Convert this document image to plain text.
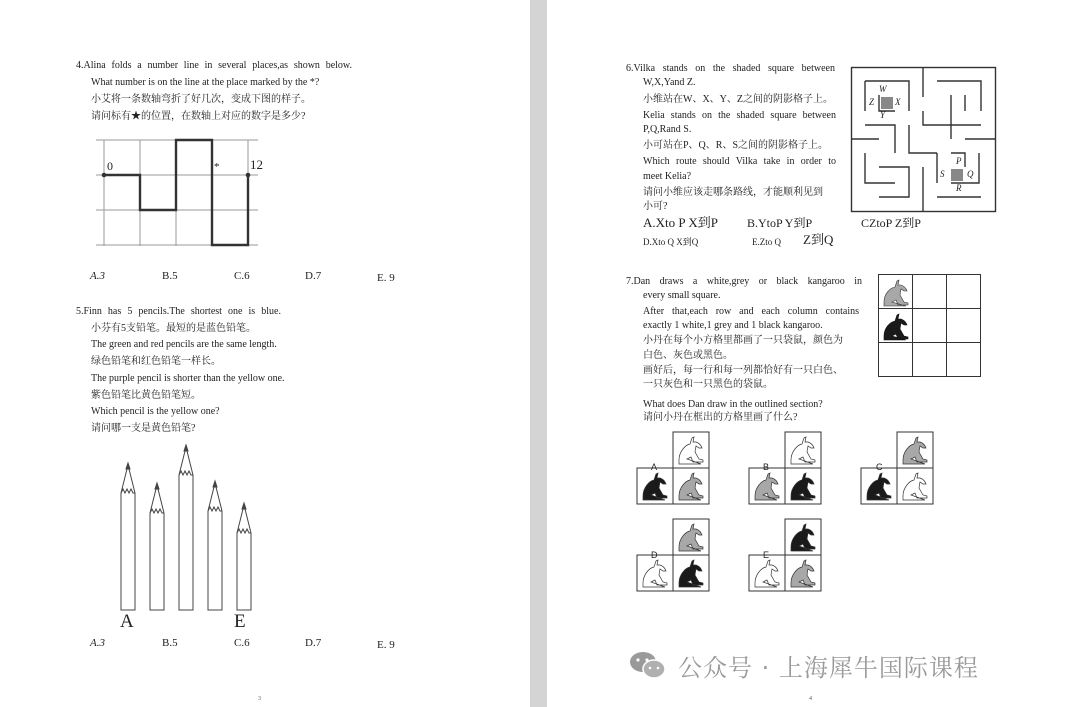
4.Alina folds a number line in several places,as shown below.
What number is on the line at the place marked by the *?
小艾将一条数轴弯折了好几次，变成下图的样子。
请问标有★的位置，在数轴上对应的数字是多少?
0	12
*
A.3	B.5	C.6	D.7	E. 9
5.Finn has 5 pencils.The shortest one is blue.
小芬有5支铅笔。最短的是蓝色铅笔。
The green and red pencils are the same length.
绿色铅笔和红色铅笔一样长。
The purple pencil is shorter than the yellow one.
紫色铅笔比黄色铅笔短。
Which pencil is the yellow one?
请问哪一支是黄色铅笔?
A	E
A.3	B.5	C.6	D.7	E. 9
3
6.Vilka stands on the shaded square between
W,X,Yand Z.
小维站在W、X、Y、Z之间的阴影格子上。
Kelia stands on the shaded square between
P,Q,Rand S.
小可站在P、Q、R、S之间的阴影格子上。
Which route should Vilka take in order to
meet Kelia?
请问小维应该走哪条路线，才能顺利见到
小可?
A.Xto P X到P B.YtoP Y到P	CZtoP Z到P
D.Xto Q X到Q	E.Zto Q Z到Q
W
X
Y
Z
P
Q
R
S
7.Dan draws a white,grey or black kangaroo in
every small square.
After that,each row and each column contains
exactly 1 white,1 grey and 1 black kangaroo.
小丹在每个小方格里都画了一只袋鼠，颜色为
白色、灰色或黑色。
画好后，每一行和每一列都恰好有一只白色、
一只灰色和一只黑色的袋鼠。
What does Dan draw in the outlined section?
请问小丹在框出的方格里画了什么?
A	B	C
D	E
4
公众号 · 上海犀牛国际课程
